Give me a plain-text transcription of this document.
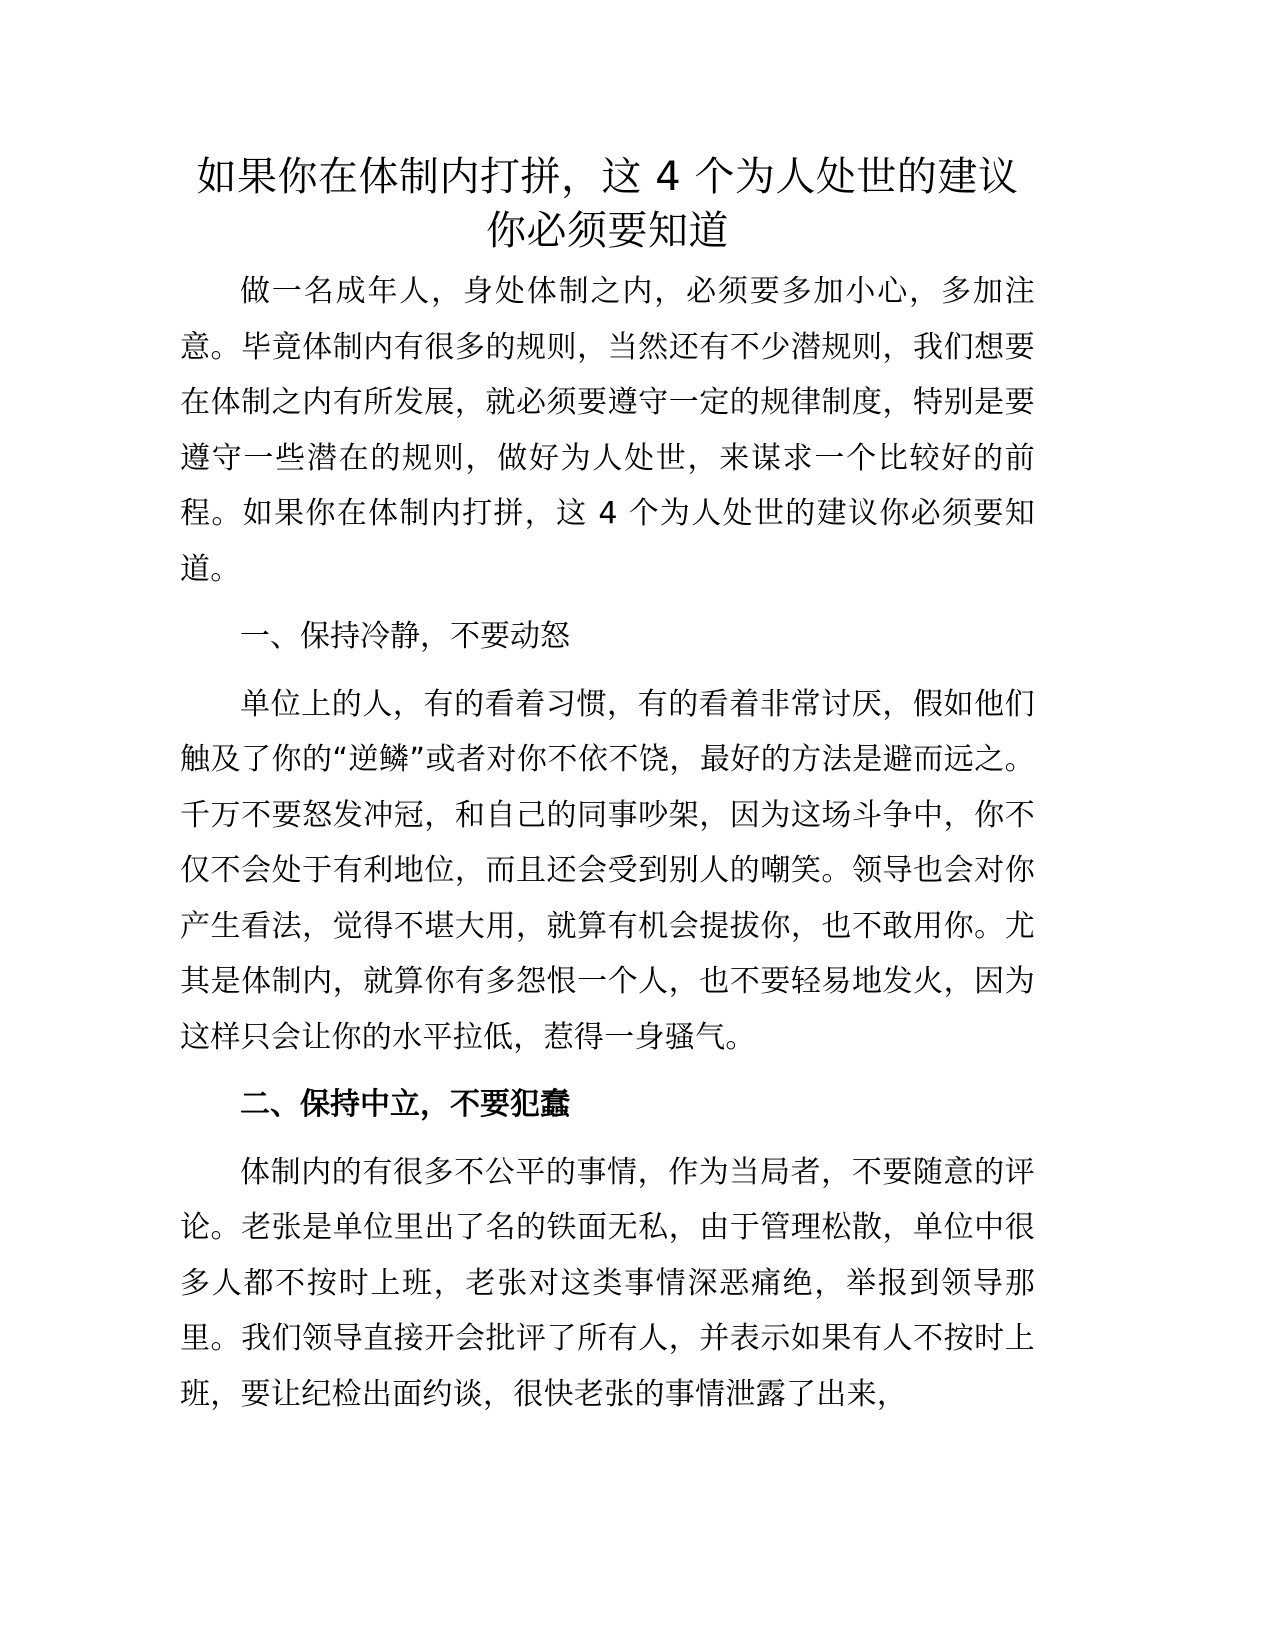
如果你在体制内打拼，这 4 个为人处世的建议
你必须要知道

做一名成年人，身处体制之内，必须要多加小心，多加注意。毕竟体制内有很多的规则，当然还有不少潜规则，我们想要在体制之内有所发展，就必须要遵守一定的规律制度，特别是要遵守一些潜在的规则，做好为人处世，来谋求一个比较好的前程。如果你在体制内打拼，这 4 个为人处世的建议你必须要知道。

一、保持冷静，不要动怒

单位上的人，有的看着习惯，有的看着非常讨厌，假如他们触及了你的“逆鳞”或者对你不依不饶，最好的方法是避而远之。千万不要怒发冲冠，和自己的同事吵架，因为这场斗争中，你不仅不会处于有利地位，而且还会受到别人的嘲笑。领导也会对你产生看法，觉得不堪大用，就算有机会提拔你，也不敢用你。尤其是体制内，就算你有多怨恨一个人，也不要轻易地发火，因为这样只会让你的水平拉低，惹得一身骚气。

二、保持中立，不要犯蠢

体制内的有很多不公平的事情，作为当局者，不要随意的评论。老张是单位里出了名的铁面无私，由于管理松散，单位中很多人都不按时上班，老张对这类事情深恶痛绝，举报到领导那里。我们领导直接开会批评了所有人，并表示如果有人不按时上班，要让纪检出面约谈，很快老张的事情泄露了出来，
